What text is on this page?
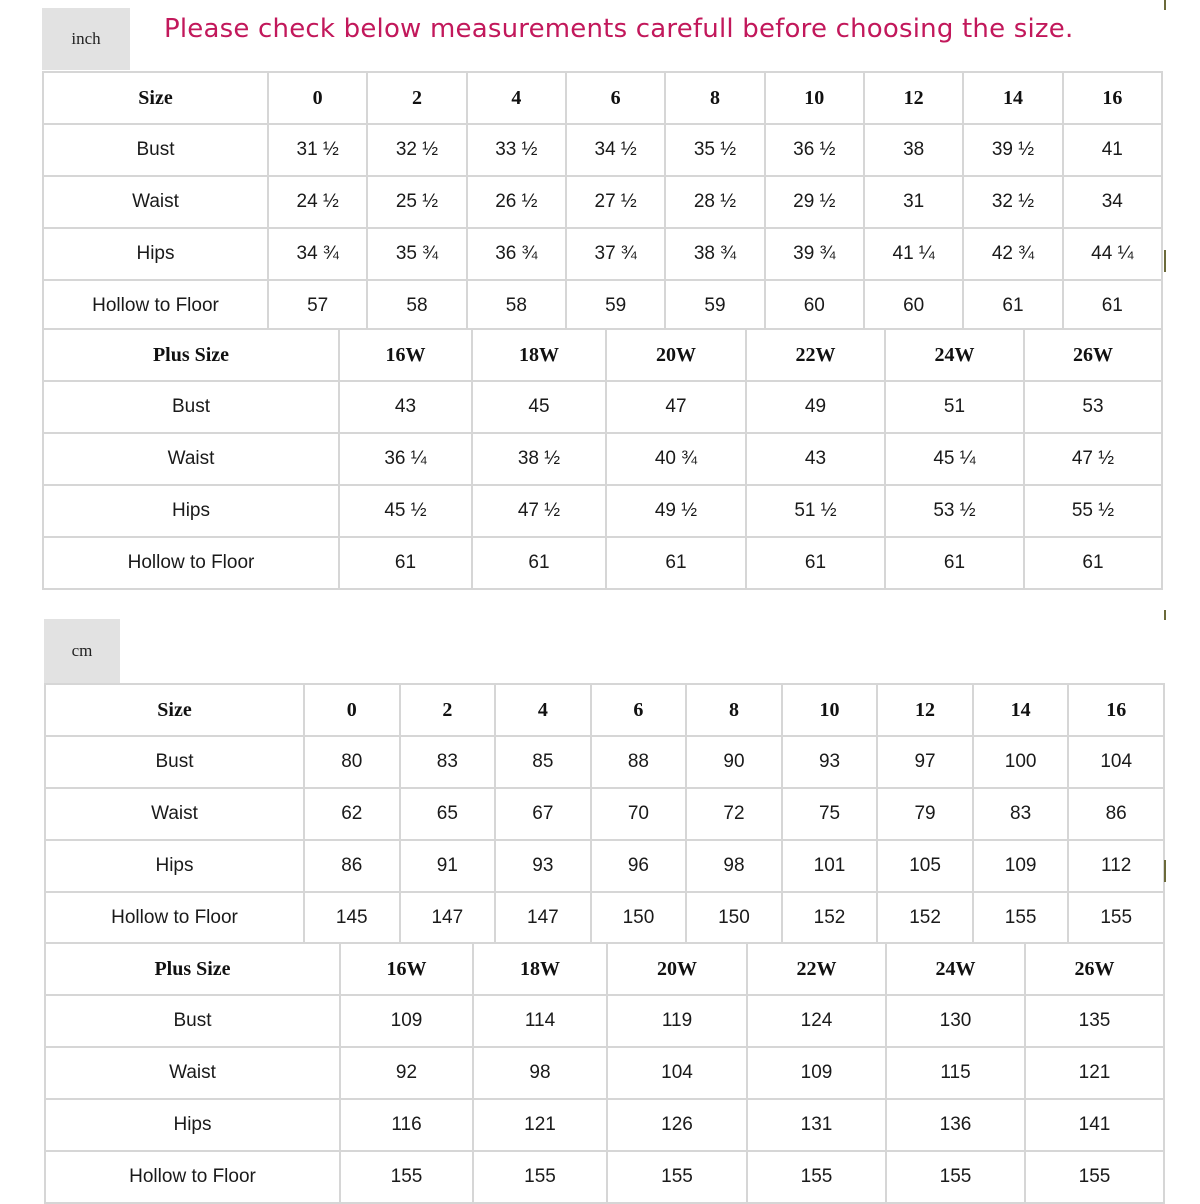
inch	Please check below measurements carefull before choosing the size.
Size	0	2	4	6	8	10	12	14	16
Bust	31 ½	32 ½	33 ½	34 ½	35 ½	36 ½	38	39 ½	41
Waist	24 ½	25 ½	26 ½	27 ½	28 ½	29 ½	31	32 ½	34
Hips	34 ¾	35 ¾	36 ¾	37 ¾	38 ¾	39 ¾	41 ¼	42 ¾	44 ¼
Hollow to Floor	57	58	58	59	59	60	60	61	61
Plus Size	16W	18W	20W	22W	24W	26W
Bust	43	45	47	49	51	53
Waist	36 ¼	38 ½	40 ¾	43	45 ¼	47 ½
Hips	45 ½	47 ½	49 ½	51 ½	53 ½	55 ½
Hollow to Floor	61	61	61	61	61	61
cm
Size	0	2	4	6	8	10	12	14	16
Bust	80	83	85	88	90	93	97	100	104
Waist	62	65	67	70	72	75	79	83	86
Hips	86	91	93	96	98	101	105	109	112
Hollow to Floor	145	147	147	150	150	152	152	155	155
Plus Size	16W	18W	20W	22W	24W	26W
Bust	109	114	119	124	130	135
Waist	92	98	104	109	115	121
Hips	116	121	126	131	136	141
Hollow to Floor	155	155	155	155	155	155
